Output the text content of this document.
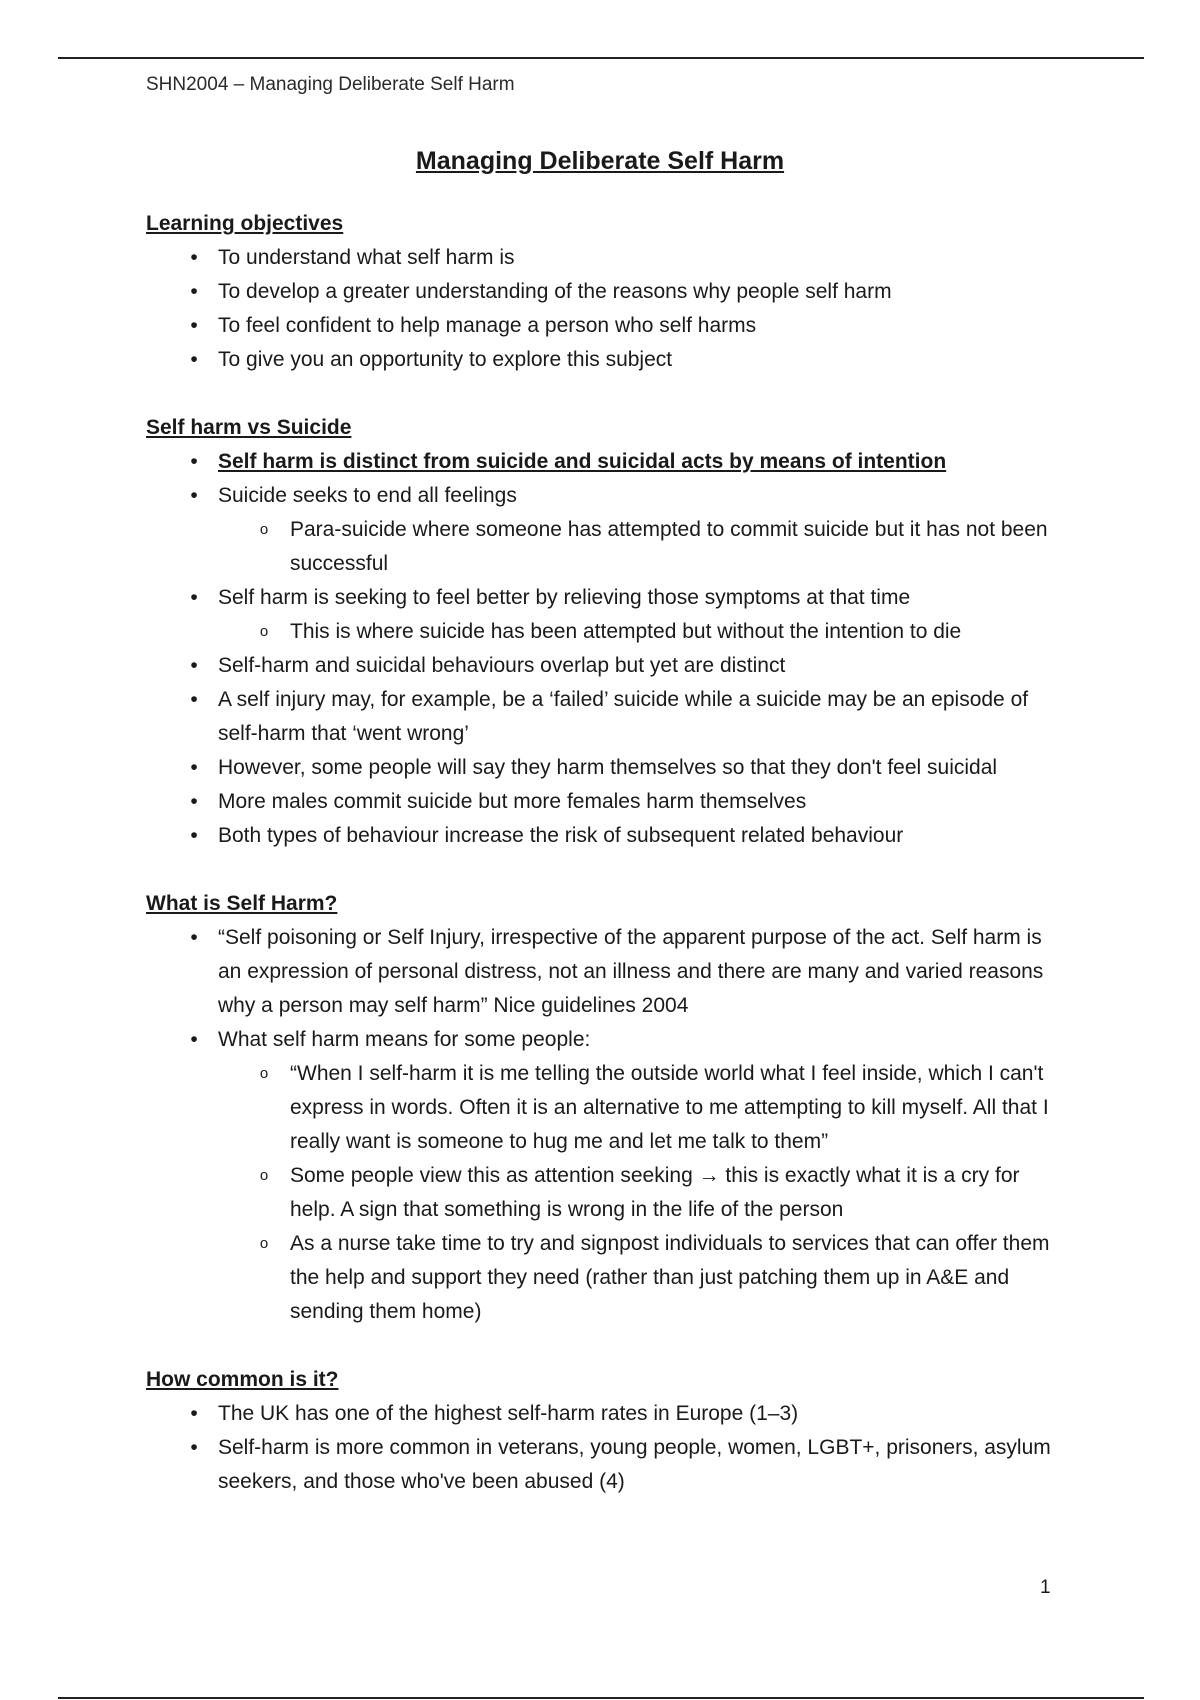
SHN2004 – Managing Deliberate Self Harm
Managing Deliberate Self Harm

Learning objectives

• To understand what self harm is
• To develop a greater understanding of the reasons why people self harm
• To feel confident to help manage a person who self harms
• To give you an opportunity to explore this subject

Self harm vs Suicide

• Self harm is distinct from suicide and suicidal acts by means of intention
• Suicide seeks to end all feelings
o Para-suicide where someone has attempted to commit suicide but it has not been successful
• Self harm is seeking to feel better by relieving those symptoms at that time
o This is where suicide has been attempted but without the intention to die
• Self-harm and suicidal behaviours overlap but yet are distinct
• A self injury may, for example, be a ‘failed’ suicide while a suicide may be an episode of self-harm that ‘went wrong’
• However, some people will say they harm themselves so that they don't feel suicidal
• More males commit suicide but more females harm themselves
• Both types of behaviour increase the risk of subsequent related behaviour

What is Self Harm?

• “Self poisoning or Self Injury, irrespective of the apparent purpose of the act. Self harm is an expression of personal distress, not an illness and there are many and varied reasons why a person may self harm” Nice guidelines 2004
• What self harm means for some people:
o “When I self-harm it is me telling the outside world what I feel inside, which I can't express in words. Often it is an alternative to me attempting to kill myself. All that I really want is someone to hug me and let me talk to them”
o Some people view this as attention seeking → this is exactly what it is a cry for help. A sign that something is wrong in the life of the person
o As a nurse take time to try and signpost individuals to services that can offer them the help and support they need (rather than just patching them up in A&E and sending them home)

How common is it?

• The UK has one of the highest self-harm rates in Europe (1–3)
• Self-harm is more common in veterans, young people, women, LGBT+, prisoners, asylum seekers, and those who've been abused (4)
1
